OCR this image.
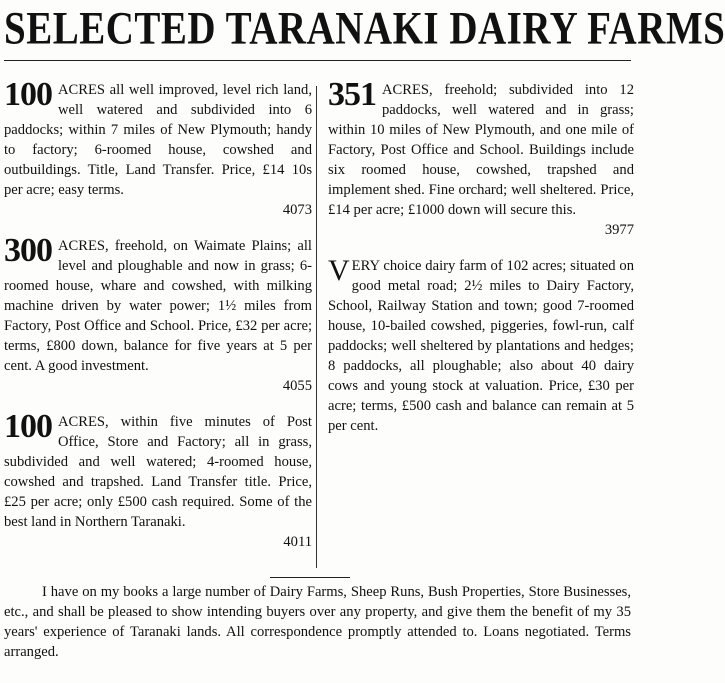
SELECTED TARANAKI DAIRY FARMS
100 ACRES all well improved, level rich land, well watered and subdivided into 6 paddocks; within 7 miles of New Plymouth; handy to factory; 6-roomed house, cowshed and outbuildings. Title, Land Transfer. Price, £14 10s per acre; easy terms.
4073
300 ACRES, freehold, on Waimate Plains; all level and ploughable and now in grass; 6-roomed house, whare and cowshed, with milking machine driven by water power; 1½ miles from Factory, Post Office and School. Price, £32 per acre; terms, £800 down, balance for five years at 5 per cent. A good investment.
4055
100 ACRES, within five minutes of Post Office, Store and Factory; all in grass, subdivided and well watered; 4-roomed house, cowshed and trapshed. Land Transfer title. Price, £25 per acre; only £500 cash required. Some of the best land in Northern Taranaki.
4011
351 ACRES, freehold; subdivided into 12 paddocks, well watered and in grass; within 10 miles of New Plymouth, and one mile of Factory, Post Office and School. Buildings include six roomed house, cowshed, trapshed and implement shed. Fine orchard; well sheltered. Price, £14 per acre; £1000 down will secure this.
3977
V ERY choice dairy farm of 102 acres; situated on good metal road; 2½ miles to Dairy Factory, School, Railway Station and town; good 7-roomed house, 10-bailed cowshed, piggeries, fowl-run, calf paddocks; well sheltered by plantations and hedges; 8 paddocks, all ploughable; also about 40 dairy cows and young stock at valuation. Price, £30 per acre; terms, £500 cash and balance can remain at 5 per cent.
I have on my books a large number of Dairy Farms, Sheep Runs, Bush Properties, Store Businesses, etc., and shall be pleased to show intending buyers over any property, and give them the benefit of my 35 years' experience of Taranaki lands. All correspondence promptly attended to. Loans negotiated. Terms arranged.
